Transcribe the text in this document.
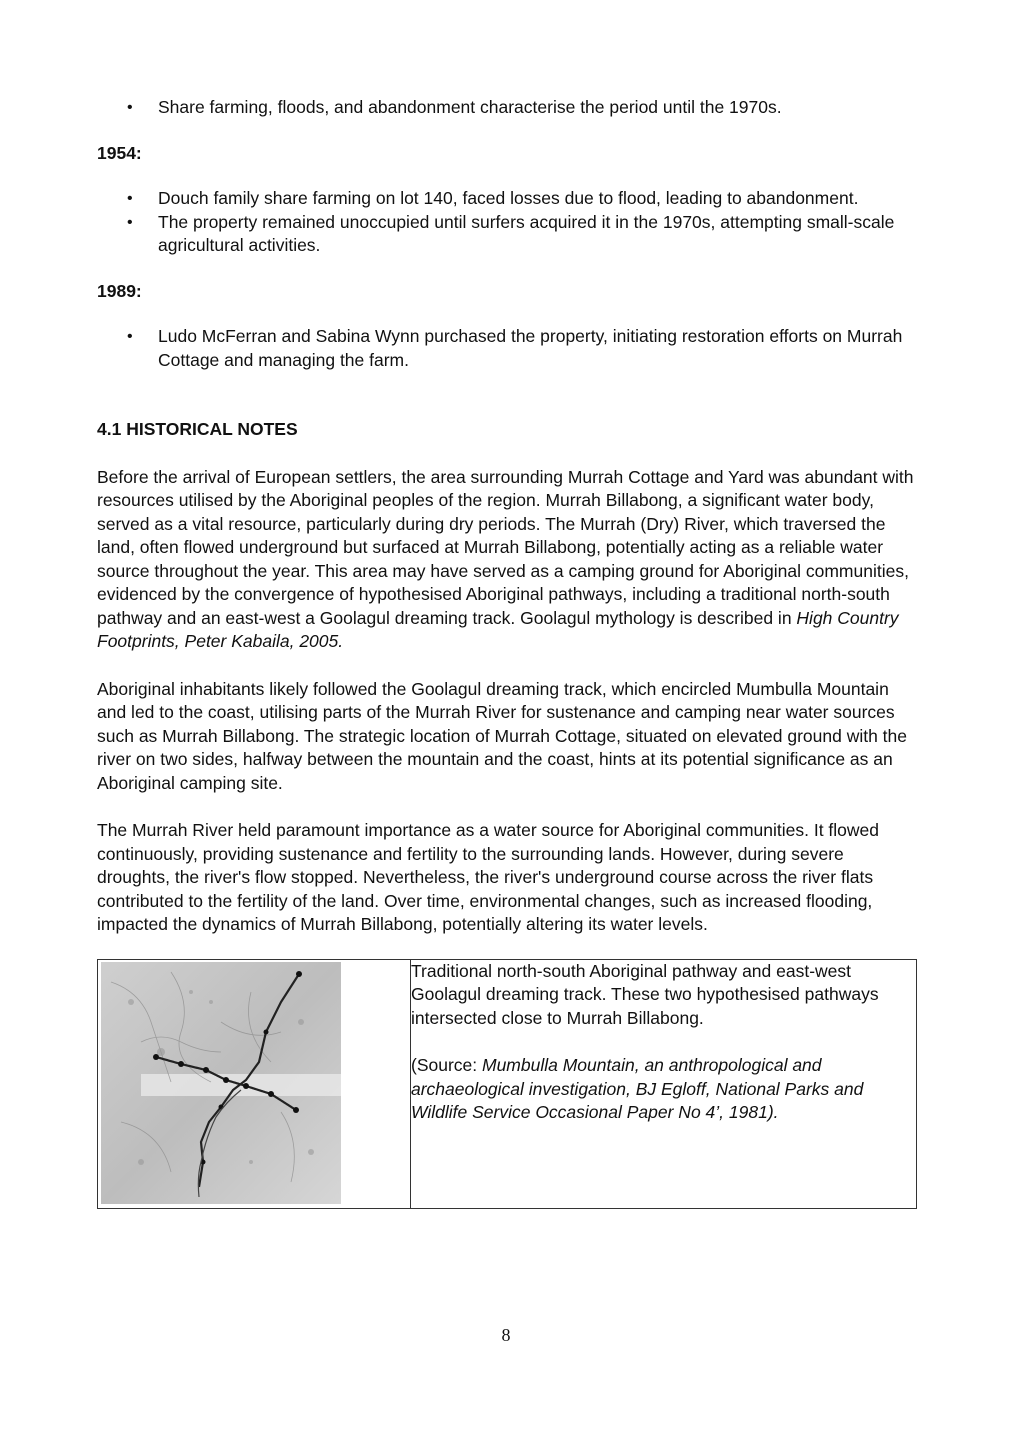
• Share farming, floods, and abandonment characterise the period until the 1970s.

1954:

• Douch family share farming on lot 140, faced losses due to flood, leading to abandonment.
• The property remained unoccupied until surfers acquired it in the 1970s, attempting small-scale agricultural activities.

1989:

• Ludo McFerran and Sabina Wynn purchased the property, initiating restoration efforts on Murrah Cottage and managing the farm.

4.1 HISTORICAL NOTES

Before the arrival of European settlers, the area surrounding Murrah Cottage and Yard was abundant with resources utilised by the Aboriginal peoples of the region. Murrah Billabong, a significant water body, served as a vital resource, particularly during dry periods. The Murrah (Dry) River, which traversed the land, often flowed underground but surfaced at Murrah Billabong, potentially acting as a reliable water source throughout the year. This area may have served as a camping ground for Aboriginal communities, evidenced by the convergence of hypothesised Aboriginal pathways, including a traditional north-south pathway and an east-west a Goolagul dreaming track. Goolagul mythology is described in High Country Footprints, Peter Kabaila, 2005.

Aboriginal inhabitants likely followed the Goolagul dreaming track, which encircled Mumbulla Mountain and led to the coast, utilising parts of the Murrah River for sustenance and camping near water sources such as Murrah Billabong. The strategic location of Murrah Cottage, situated on elevated ground with the river on two sides, halfway between the mountain and the coast, hints at its potential significance as an Aboriginal camping site.

The Murrah River held paramount importance as a water source for Aboriginal communities. It flowed continuously, providing sustenance and fertility to the surrounding lands. However, during severe droughts, the river's flow stopped. Nevertheless, the river's underground course across the river flats contributed to the fertility of the land. Over time, environmental changes, such as increased flooding, impacted the dynamics of Murrah Billabong, potentially altering its water levels.

Traditional north-south Aboriginal pathway and east-west Goolagul dreaming track. These two hypothesised pathways intersected close to Murrah Billabong.

(Source: Mumbulla Mountain, an anthropological and archaeological investigation, BJ Egloff, National Parks and Wildlife Service Occasional Paper No 4’, 1981).

8
